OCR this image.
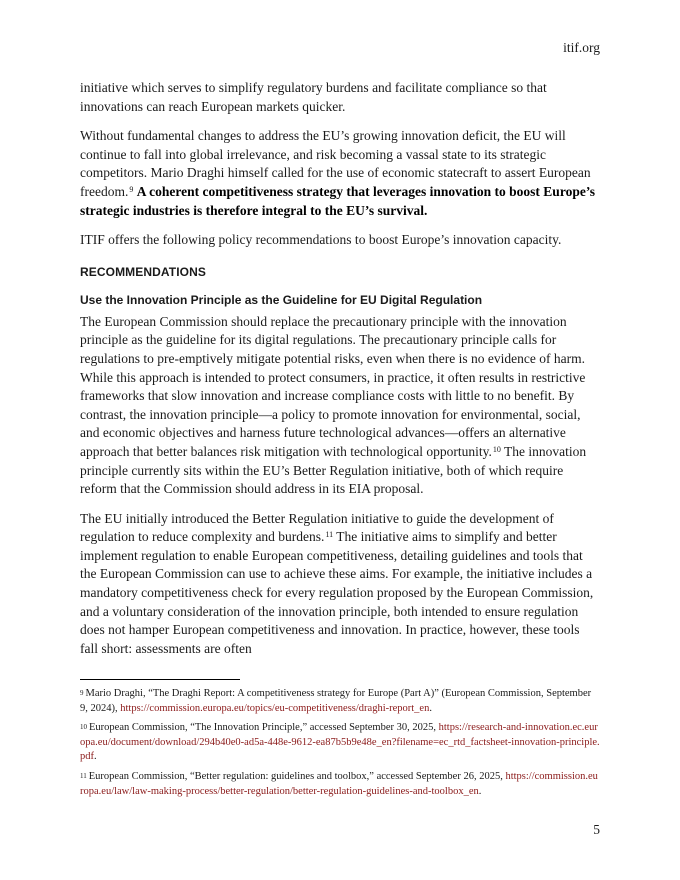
itif.org

initiative which serves to simplify regulatory burdens and facilitate compliance so that innovations can reach European markets quicker.

Without fundamental changes to address the EU’s growing innovation deficit, the EU will continue to fall into global irrelevance, and risk becoming a vassal state to its strategic competitors. Mario Draghi himself called for the use of economic statecraft to assert European freedom.$^9$ A coherent competitiveness strategy that leverages innovation to boost Europe’s strategic industries is therefore integral to the EU’s survival.

ITIF offers the following policy recommendations to boost Europe’s innovation capacity.

RECOMMENDATIONS
Use the Innovation Principle as the Guideline for EU Digital Regulation

The European Commission should replace the precautionary principle with the innovation principle as the guideline for its digital regulations. The precautionary principle calls for regulations to pre-emptively mitigate potential risks, even when there is no evidence of harm. While this approach is intended to protect consumers, in practice, it often results in restrictive frameworks that slow innovation and increase compliance costs with little to no benefit. By contrast, the innovation principle—a policy to promote innovation for environmental, social, and economic objectives and harness future technological advances—offers an alternative approach that better balances risk mitigation with technological opportunity.$^{10}$ The innovation principle currently sits within the EU’s Better Regulation initiative, both of which require reform that the Commission should address in its EIA proposal.

The EU initially introduced the Better Regulation initiative to guide the development of regulation to reduce complexity and burdens.$^{11}$ The initiative aims to simplify and better implement regulation to enable European competitiveness, detailing guidelines and tools that the European Commission can use to achieve these aims. For example, the initiative includes a mandatory competitiveness check for every regulation proposed by the European Commission, and a voluntary consideration of the innovation principle, both intended to ensure regulation does not hamper European competitiveness and innovation. In practice, however, these tools fall short: assessments are often

$^9$ Mario Draghi, “The Draghi Report: A competitiveness strategy for Europe (Part A)” (European Commission, September 9, 2024), https://commission.europa.eu/topics/eu-competitiveness/draghi-report_en.

$^{10}$ European Commission, “The Innovation Principle,” accessed September 30, 2025, https://research-and-innovation.ec.europa.eu/document/download/294b40e0-ad5a-448e-9612-ea87b5b9e48e_en?filename=ec_rtd_factsheet-innovation-principle.pdf.

$^{11}$ European Commission, “Better regulation: guidelines and toolbox,” accessed September 26, 2025, https://commission.europa.eu/law/law-making-process/better-regulation/better-regulation-guidelines-and-toolbox_en.

5
